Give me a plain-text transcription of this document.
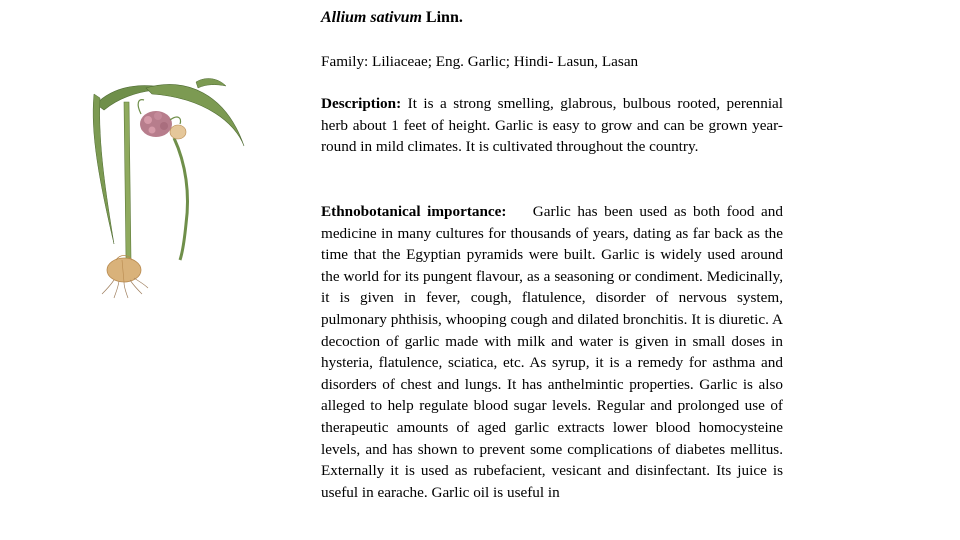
Allium sativum Linn.
Family: Liliaceae; Eng. Garlic; Hindi- Lasun, Lasan

Description: It is a strong smelling, glabrous, bulbous rooted, perennial herb about 1 feet of height. Garlic is easy to grow and can be grown year-round in mild climates. It is cultivated throughout the country.

Ethnobotanical importance: Garlic has been used as both food and medicine in many cultures for thousands of years, dating as far back as the time that the Egyptian pyramids were built. Garlic is widely used around the world for its pungent flavour, as a seasoning or condiment. Medicinally, it is given in fever, cough, flatulence, disorder of nervous system, pulmonary phthisis, whooping cough and dilated bronchitis. It is diuretic. A decoction of garlic made with milk and water is given in small doses in hysteria, flatulence, sciatica, etc. As syrup, it is a remedy for asthma and disorders of chest and lungs. It has anthelmintic properties. Garlic is also alleged to help regulate blood sugar levels. Regular and prolonged use of therapeutic amounts of aged garlic extracts lower blood homocysteine levels, and has shown to prevent some complications of diabetes mellitus. Externally it is used as rubefacient, vesicant and disinfectant. Its juice is useful in earache. Garlic oil is useful in
